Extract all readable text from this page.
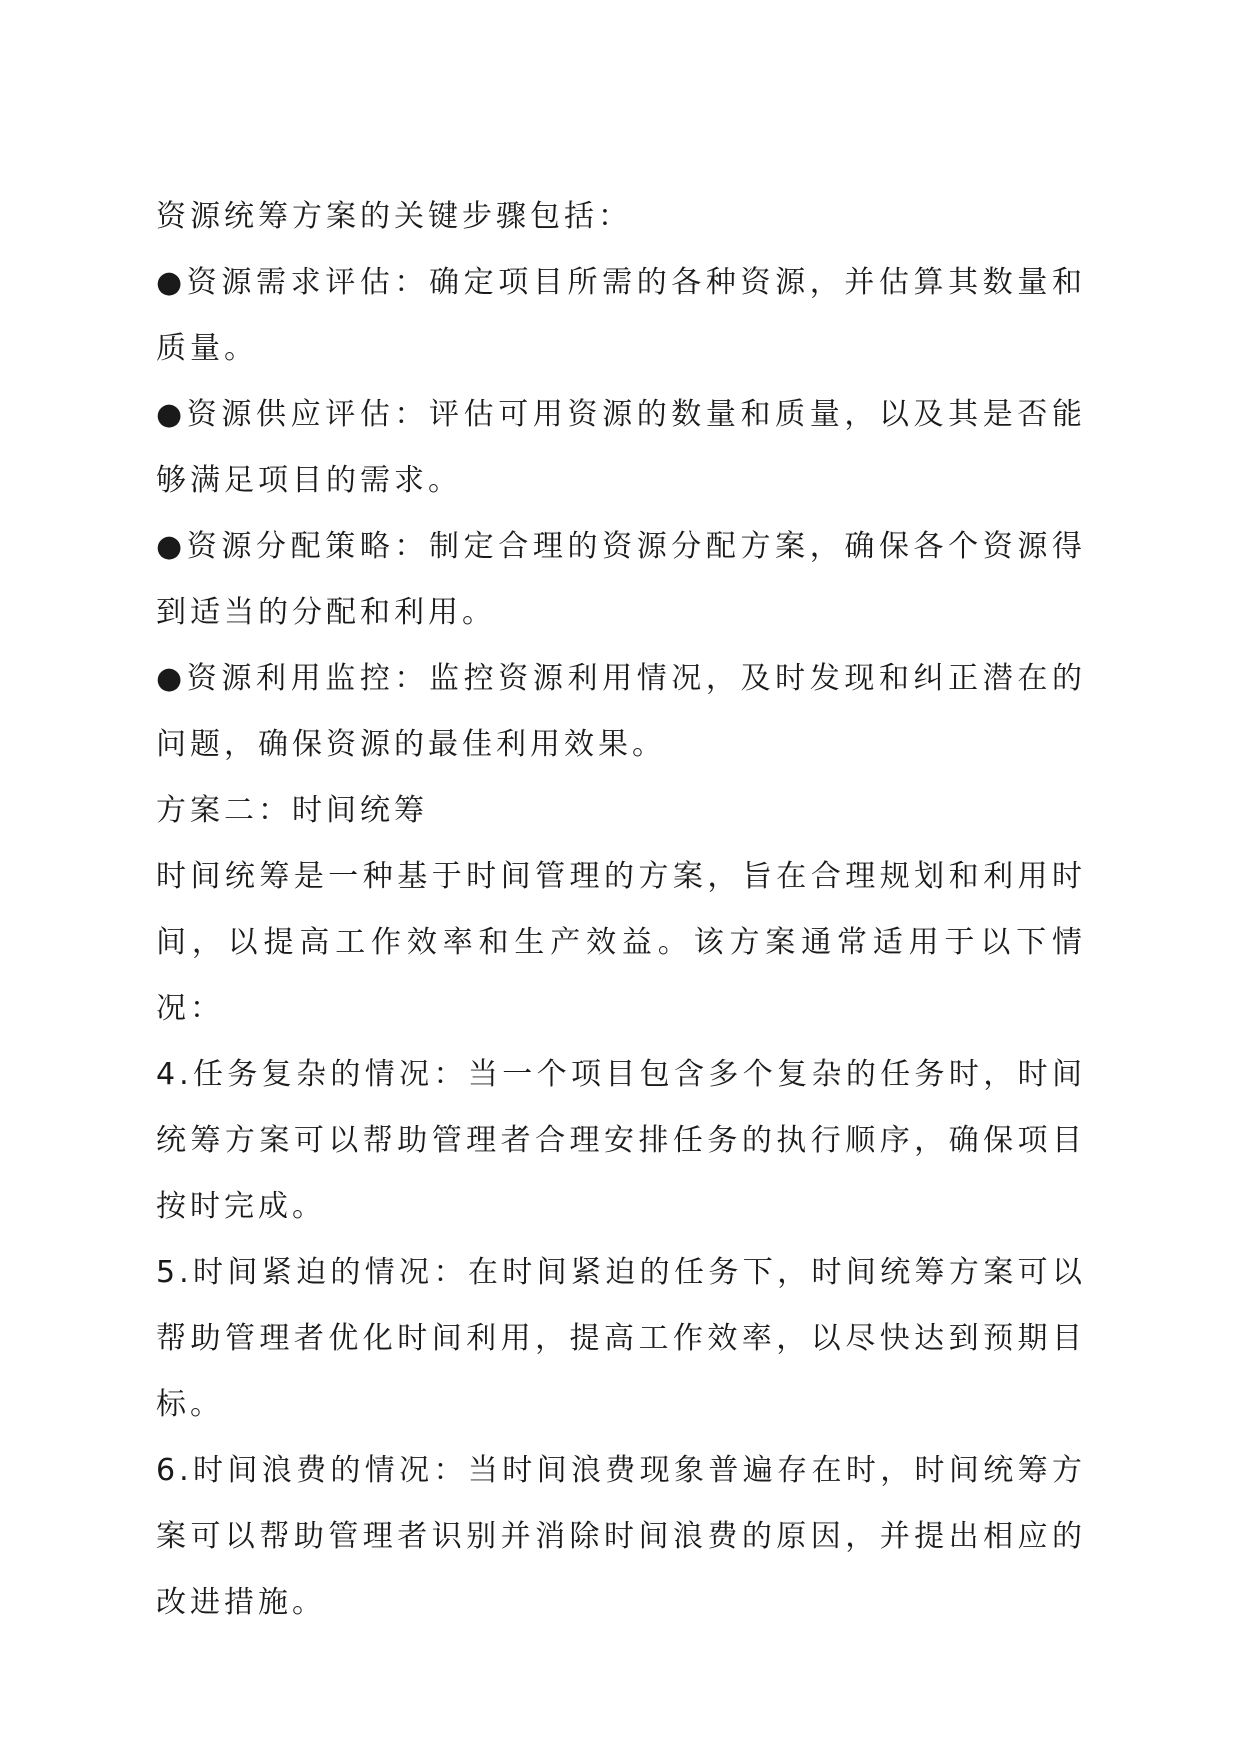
资源统筹方案的关键步骤包括：

●资源需求评估：确定项目所需的各种资源，并估算其数量和质量。

●资源供应评估：评估可用资源的数量和质量，以及其是否能够满足项目的需求。

●资源分配策略：制定合理的资源分配方案，确保各个资源得到适当的分配和利用。

●资源利用监控：监控资源利用情况，及时发现和纠正潜在的问题，确保资源的最佳利用效果。

方案二：时间统筹

时间统筹是一种基于时间管理的方案，旨在合理规划和利用时间，以提高工作效率和生产效益。该方案通常适用于以下情况：

4.任务复杂的情况：当一个项目包含多个复杂的任务时，时间统筹方案可以帮助管理者合理安排任务的执行顺序，确保项目按时完成。

5.时间紧迫的情况：在时间紧迫的任务下，时间统筹方案可以帮助管理者优化时间利用，提高工作效率，以尽快达到预期目标。

6.时间浪费的情况：当时间浪费现象普遍存在时，时间统筹方案可以帮助管理者识别并消除时间浪费的原因，并提出相应的改进措施。
